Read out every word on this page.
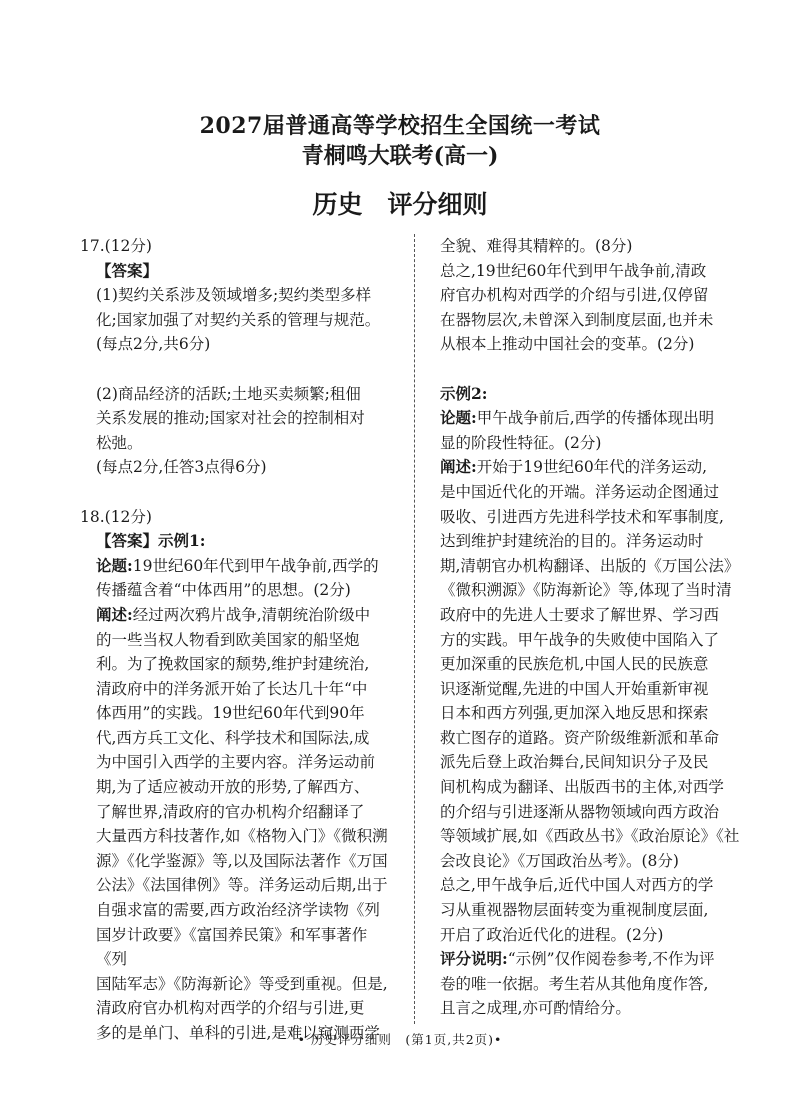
2027届普通高等学校招生全国统一考试
青桐鸣大联考(高一)
历史　评分细则

17.(12分)

【答案】

(1)契约关系涉及领域增多;契约类型多样

化;国家加强了对契约关系的管理与规范。

(每点2分,共6分)

(2)商品经济的活跃;土地买卖频繁;租佃

关系发展的推动;国家对社会的控制相对

松弛。

(每点2分,任答3点得6分)

18.(12分)

【答案】示例1:

论题:19世纪60年代到甲午战争前,西学的

传播蕴含着“中体西用”的思想。(2分)

阐述:经过两次鸦片战争,清朝统治阶级中

的一些当权人物看到欧美国家的船坚炮

利。为了挽救国家的颓势,维护封建统治,

清政府中的洋务派开始了长达几十年“中

体西用”的实践。19世纪60年代到90年

代,西方兵工文化、科学技术和国际法,成

为中国引入西学的主要内容。洋务运动前

期,为了适应被动开放的形势,了解西方、

了解世界,清政府的官办机构介绍翻译了

大量西方科技著作,如《格物入门》《微积溯

源》《化学鉴源》等,以及国际法著作《万国

公法》《法国律例》等。洋务运动后期,出于

自强求富的需要,西方政治经济学读物《列

国岁计政要》《富国养民策》和军事著作《列

国陆军志》《防海新论》等受到重视。但是,

清政府官办机构对西学的介绍与引进,更

多的是单门、单科的引进,是难以窥测西学

全貌、难得其精粹的。(8分)

总之,19世纪60年代到甲午战争前,清政

府官办机构对西学的介绍与引进,仅停留

在器物层次,未曾深入到制度层面,也并未

从根本上推动中国社会的变革。(2分)

示例2:

论题:甲午战争前后,西学的传播体现出明

显的阶段性特征。(2分)

阐述:开始于19世纪60年代的洋务运动,

是中国近代化的开端。洋务运动企图通过

吸收、引进西方先进科学技术和军事制度,

达到维护封建统治的目的。洋务运动时

期,清朝官办机构翻译、出版的《万国公法》

《微积溯源》《防海新论》等,体现了当时清

政府中的先进人士要求了解世界、学习西

方的实践。甲午战争的失败使中国陷入了

更加深重的民族危机,中国人民的民族意

识逐渐觉醒,先进的中国人开始重新审视

日本和西方列强,更加深入地反思和探索

救亡图存的道路。资产阶级维新派和革命

派先后登上政治舞台,民间知识分子及民

间机构成为翻译、出版西书的主体,对西学

的介绍与引进逐渐从器物领域向西方政治

等领域扩展,如《西政丛书》《政治原论》《社

会改良论》《万国政治丛考》。(8分)

总之,甲午战争后,近代中国人对西方的学

习从重视器物层面转变为重视制度层面,

开启了政治近代化的进程。(2分)

评分说明:“示例”仅作阅卷参考,不作为评

卷的唯一依据。考生若从其他角度作答,

且言之成理,亦可酌情给分。

• 历史评分细则　(第1页,共2页)•
